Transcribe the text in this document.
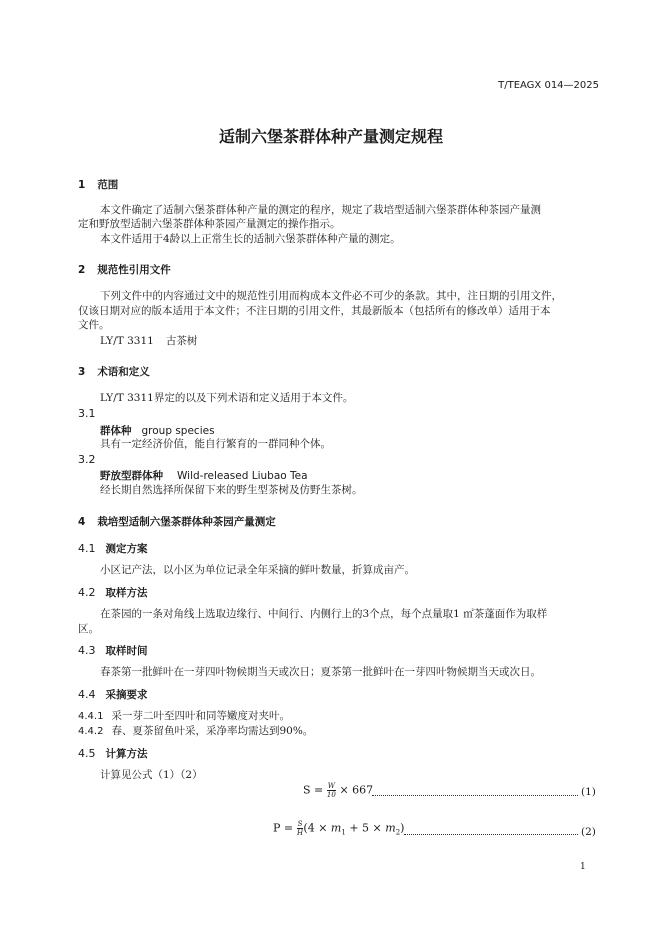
T/TEAGX 014—2025
适制六堡茶群体种产量测定规程
1 范围
本文件确定了适制六堡茶群体种产量的测定的程序，规定了栽培型适制六堡茶群体种茶园产量测
定和野放型适制六堡茶群体种茶园产量测定的操作指示。
本文件适用于4龄以上正常生长的适制六堡茶群体种产量的测定。
2 规范性引用文件
下列文件中的内容通过文中的规范性引用而构成本文件必不可少的条款。其中，注日期的引用文件，
仅该日期对应的版本适用于本文件；不注日期的引用文件，其最新版本（包括所有的修改单）适用于本
文件。
LY/T 3311 古茶树
3 术语和定义
LY/T 3311界定的以及下列术语和定义适用于本文件。
3.1
群体种 group species
具有一定经济价值，能自行繁育的一群同种个体。
3.2
野放型群体种 Wild-released Liubao Tea
经长期自然选择所保留下来的野生型茶树及仿野生茶树。
4 栽培型适制六堡茶群体种茶园产量测定
4.1 测定方案
小区记产法，以小区为单位记录全年采摘的鲜叶数量，折算成亩产。
4.2 取样方法
在茶园的一条对角线上选取边缘行、中间行、内侧行上的3个点，每个点量取1 ㎡茶蓬面作为取样
区。
4.3 取样时间
春茶第一批鲜叶在一芽四叶物候期当天或次日；夏茶第一批鲜叶在一芽四叶物候期当天或次日。
4.4 采摘要求
4.4.1 采一芽二叶至四叶和同等嫩度对夹叶。
4.4.2 春、夏茶留鱼叶采，采净率均需达到90%。
4.5 计算方法
计算见公式（1）（2）
$S = \frac{W}{10} \times 667$	(1)
$P = \frac{S}{H} (4 \times m_1 + 5 \times m_2)$	(2)
1
